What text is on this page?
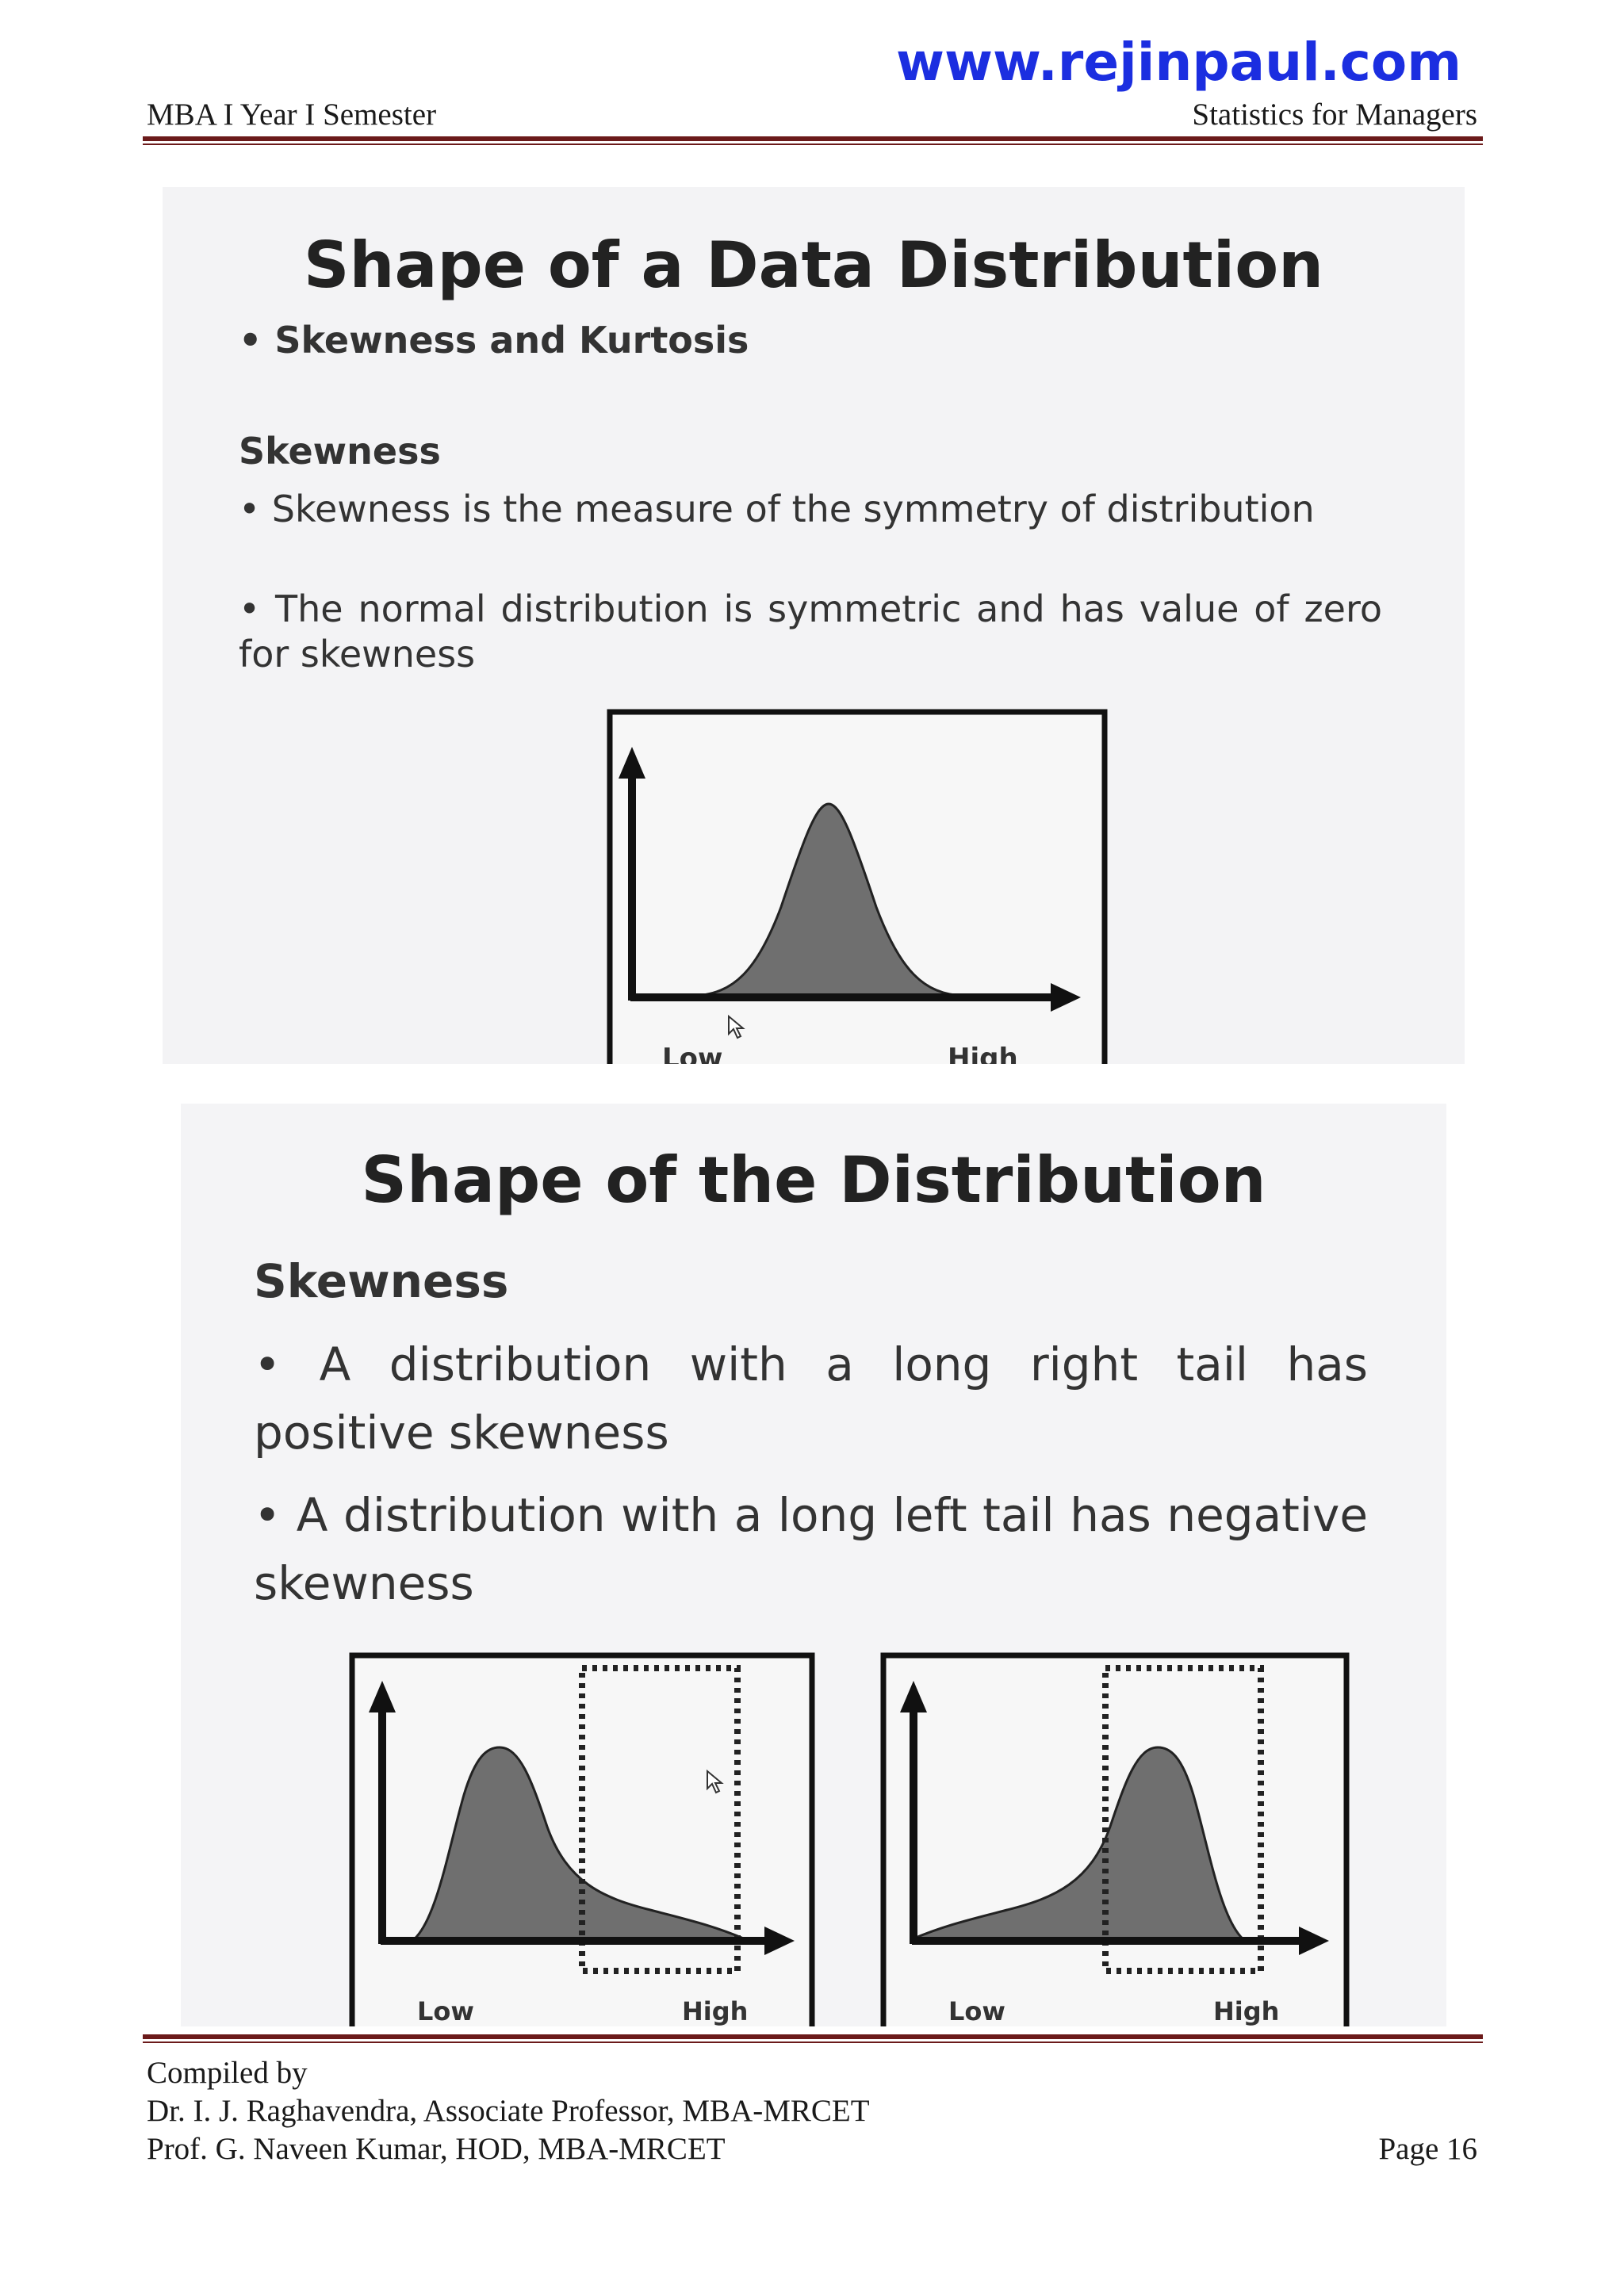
www.rejinpaul.com
MBA I Year I Semester	Statistics for Managers
Shape of a Data Distribution
• Skewness and Kurtosis
Skewness
• Skewness is the measure of the symmetry of distribution
• The normal distribution is symmetric and has value of zero for skewness
Low	High
Shape of the Distribution
Skewness
• A distribution with a long right tail has positive skewness
• A distribution with a long left tail has negative skewness
Low	High	Low	High
Compiled by
Dr. I. J. Raghavendra, Associate Professor, MBA-MRCET
Prof. G. Naveen Kumar, HOD, MBA-MRCET	Page 16
